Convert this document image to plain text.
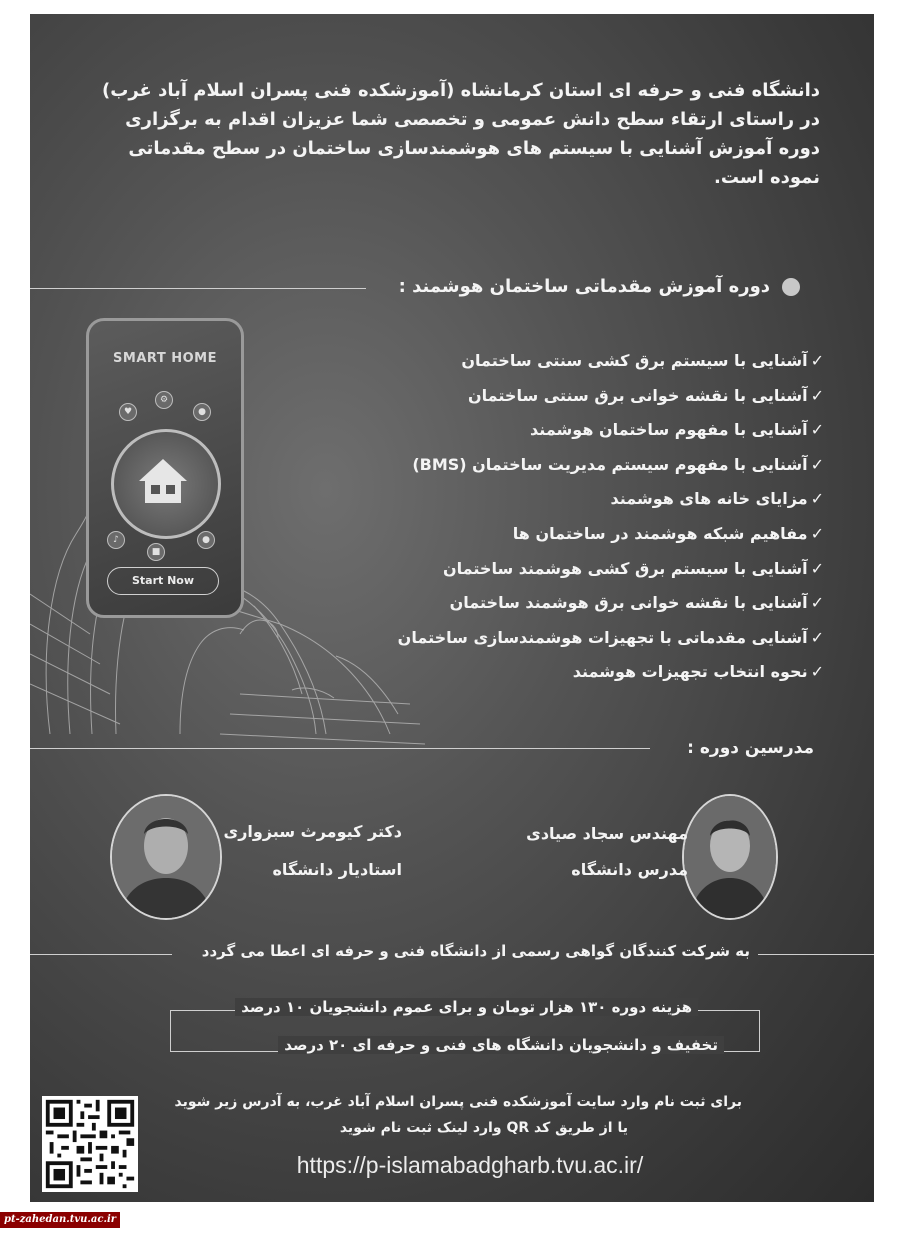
دانشگاه فنی و حرفه ای استان کرمانشاه (آموزشکده فنی پسران اسلام آباد غرب)
در راستای ارتقاء سطح دانش عمومی و تخصصی شما عزیزان اقدام به برگزاری
دوره آموزش آشنایی با سیستم های هوشمندسازی ساختمان در سطح مقدماتی
نموده است.
دوره آموزش مقدماتی ساختمان هوشمند :
SMART HOME
♥
⚙
●
♪
■
●
Start Now
✓آشنایی با سیستم برق کشی سنتی ساختمان
✓آشنایی با نقشه خوانی برق سنتی ساختمان
✓آشنایی با مفهوم ساختمان هوشمند
✓آشنایی با مفهوم سیستم مدیریت ساختمان (BMS)
✓مزایای خانه های هوشمند
✓مفاهیم شبکه هوشمند در ساختمان ها
✓آشنایی با سیستم برق کشی هوشمند ساختمان
✓آشنایی با نقشه خوانی برق هوشمند ساختمان
✓آشنایی مقدماتی با تجهیزات هوشمندسازی ساختمان
✓نحوه انتخاب تجهیزات هوشمند
مدرسین دوره :
مهندس سجاد صیادی
مدرس دانشگاه
دکتر کیومرث سبزواری
استادیار دانشگاه
به شرکت کنندگان گواهی رسمی از دانشگاه فنی و حرفه ای اعطا می گردد
هزینه دوره ۱۳۰ هزار تومان و برای عموم دانشجویان ۱۰ درصد
تخفیف و دانشجویان دانشگاه های فنی و حرفه ای ۲۰ درصد
برای ثبت نام وارد سایت آموزشکده فنی پسران اسلام آباد غرب، به آدرس زیر شوید
یا از طریق کد QR وارد لینک ثبت نام شوید
https://p-islamabadgharb.tvu.ac.ir/
pt-zahedan.tvu.ac.ir
